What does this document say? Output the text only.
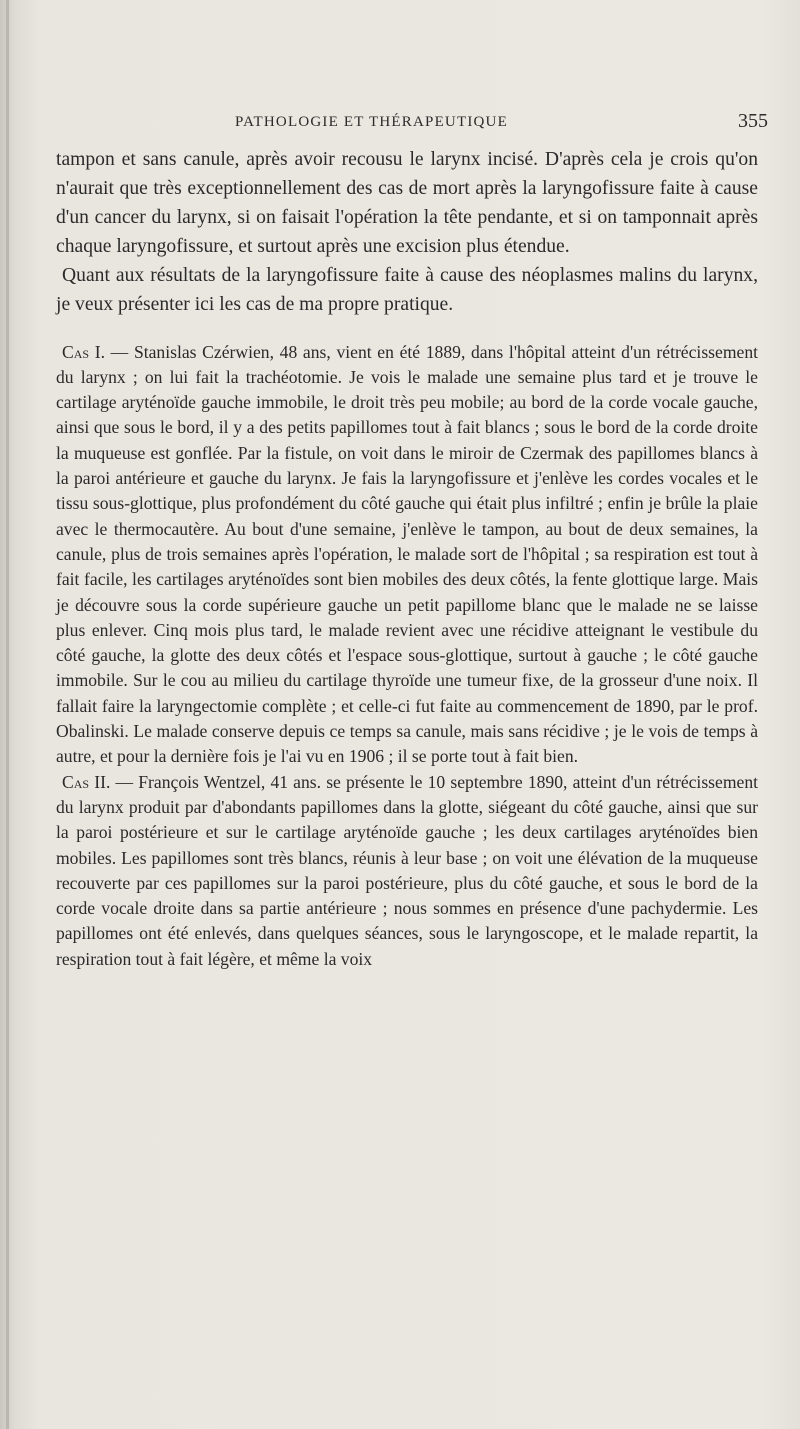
PATHOLOGIE ET THÉRAPEUTIQUE	355

tampon et sans canule, après avoir recousu le larynx incisé. D'après cela je crois qu'on n'aurait que très exceptionnellement des cas de mort après la laryngofissure faite à cause d'un cancer du larynx, si on faisait l'opération la tête pendante, et si on tamponnait après chaque laryngofissure, et surtout après une excision plus étendue.

Quant aux résultats de la laryngofissure faite à cause des néoplasmes malins du larynx, je veux présenter ici les cas de ma propre pratique.

Cas I. — Stanislas Czérwien, 48 ans, vient en été 1889, dans l'hôpital atteint d'un rétrécissement du larynx ; on lui fait la trachéotomie. Je vois le malade une semaine plus tard et je trouve le cartilage aryténoïde gauche immobile, le droit très peu mobile; au bord de la corde vocale gauche, ainsi que sous le bord, il y a des petits papillomes tout à fait blancs ; sous le bord de la corde droite la muqueuse est gonflée. Par la fistule, on voit dans le miroir de Czermak des papillomes blancs à la paroi antérieure et gauche du larynx. Je fais la laryngofissure et j'enlève les cordes vocales et le tissu sous-glottique, plus profondément du côté gauche qui était plus infiltré ; enfin je brûle la plaie avec le thermocautère. Au bout d'une semaine, j'enlève le tampon, au bout de deux semaines, la canule, plus de trois semaines après l'opération, le malade sort de l'hôpital ; sa respiration est tout à fait facile, les cartilages aryténoïdes sont bien mobiles des deux côtés, la fente glottique large. Mais je découvre sous la corde supérieure gauche un petit papillome blanc que le malade ne se laisse plus enlever. Cinq mois plus tard, le malade revient avec une récidive atteignant le vestibule du côté gauche, la glotte des deux côtés et l'espace sous-glottique, surtout à gauche ; le côté gauche immobile. Sur le cou au milieu du cartilage thyroïde une tumeur fixe, de la grosseur d'une noix. Il fallait faire la laryngectomie complète ; et celle-ci fut faite au commencement de 1890, par le prof. Obalinski. Le malade conserve depuis ce temps sa canule, mais sans récidive ; je le vois de temps à autre, et pour la dernière fois je l'ai vu en 1906 ; il se porte tout à fait bien.

Cas II. — François Wentzel, 41 ans. se présente le 10 septembre 1890, atteint d'un rétrécissement du larynx produit par d'abondants papillomes dans la glotte, siégeant du côté gauche, ainsi que sur la paroi postérieure et sur le cartilage aryténoïde gauche ; les deux cartilages aryténoïdes bien mobiles. Les papillomes sont très blancs, réunis à leur base ; on voit une élévation de la muqueuse recouverte par ces papillomes sur la paroi postérieure, plus du côté gauche, et sous le bord de la corde vocale droite dans sa partie antérieure ; nous sommes en présence d'une pachydermie. Les papillomes ont été enlevés, dans quelques séances, sous le laryngoscope, et le malade repartit, la respiration tout à fait légère, et même la voix
